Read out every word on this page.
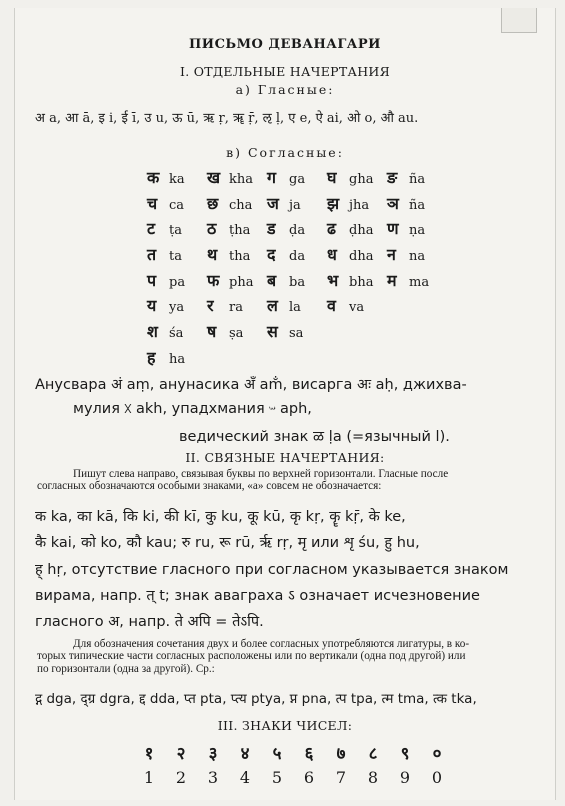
ПИСЬМО ДЕВАНАГАРИ
I. ОТДЕЛЬНЫЕ НАЧЕРТАНИЯ
а) Гласные:
अ a, आ ā, इ i, ई ī, उ u, ऊ ū, ऋ ṛ, ॠ ṝ, ऌ ḷ, ए e, ऐ ai, ओ o, औ au.
в) Согласные:
क ka ख kha ग ga घ gha ङ ña
च ca छ cha ज ja झ jha ञ ña
ट ṭa ठ ṭha ड ḍa ढ ḍha ण ṇa
त ta थ tha द da ध dha न na
प pa फ pha ब ba भ bha म ma
य ya र ra ल la व va
श śa ष ṣa स sa
ह ha
Анусвара अं aṃ, анунасика अँ am̐, висарга अः aḥ, джихва-
мулия ᳵ akh, упадхмания ᳶ aph,
ведический знак ळ ḷa (=язычный l).
II. СВЯЗНЫЕ НАЧЕРТАНИЯ:
Пишут слева направо, связывая буквы по верхней горизонтали. Гласные после
согласных обозначаются особыми знаками, «а» совсем не обозначается:
क ka, का kā, कि ki, की kī, कु ku, कू kū, कृ kṛ, कॄ kṝ, के ke,
कै kai, को ko, कौ kau; रु ru, रू rū, रृ rṛ, मृ или शृ śu, हु hu,
ह् hṛ, отсутствие гласного при согласном указывается знаком
вирама, напр. त् t; знак аваграха ऽ означает исчезновение
гласного अ, напр. ते अपि = तेऽपि.
Для обозначения сочетания двух и более согласных употребляются лигатуры, в ко-
торых типические части согласных расположены или по вертикали (одна под другой) или
по горизонтали (одна за другой). Ср.:
द्ग dga, द्ग्र dgra, द्द dda, प्त pta, प्त्य ptya, प्न pna, त्प tpa, त्म tma, त्क tka,
III. ЗНАКИ ЧИСЕЛ:
१ २ ३ ४ ५ ६ ७ ८ ९ ०
1 2 3 4 5 6 7 8 9 0
